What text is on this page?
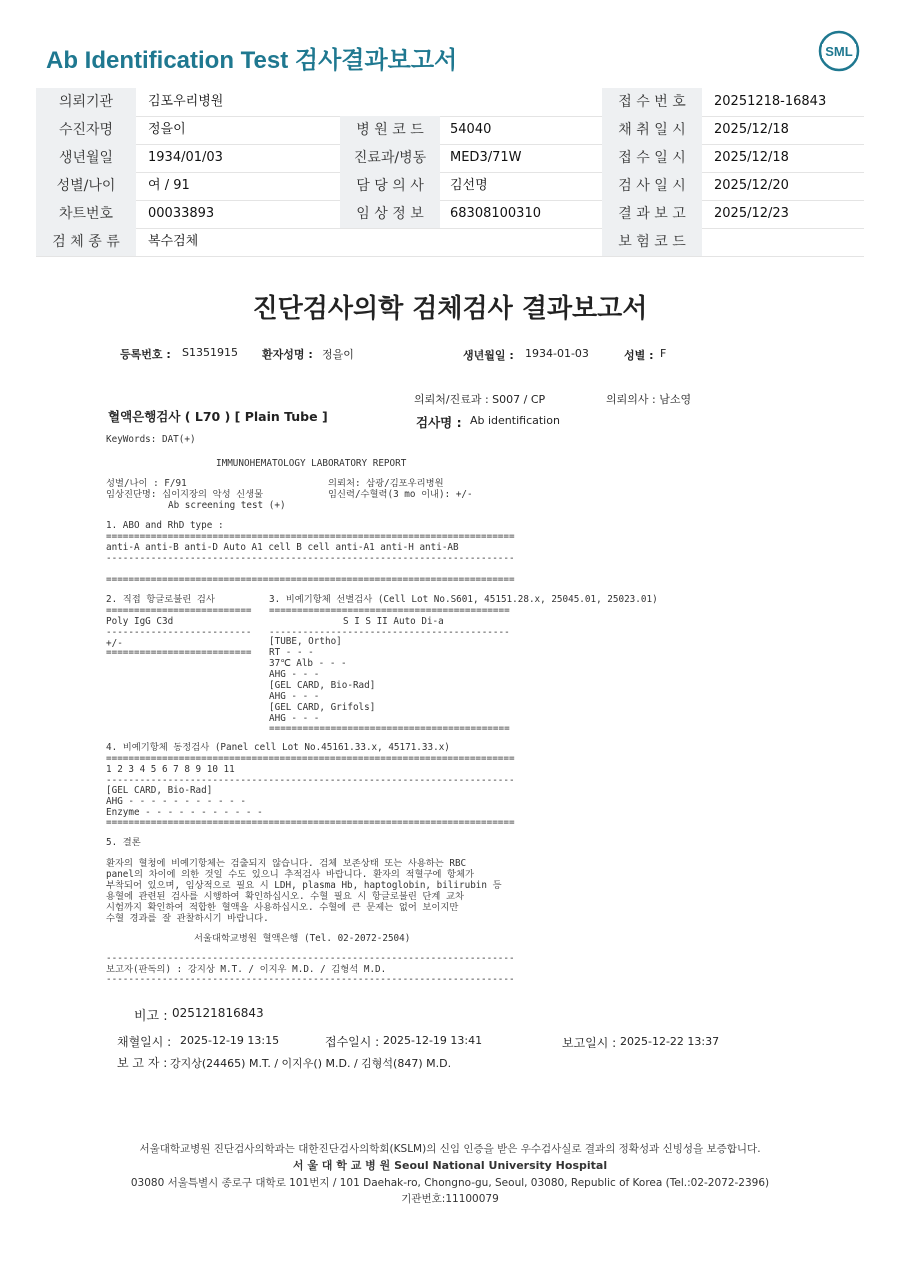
Ab Identification Test 검사결과보고서	SML
의뢰기관	김포우리병원	접 수 번 호	20251218-16843
수진자명	정을이	병 원 코 드	54040	채 취 일 시	2025/12/18
생년월일	1934/01/03	진료과/병동	MED3/71W	접 수 일 시	2025/12/18
성별/나이	여 / 91	담 당 의 사	김선명	검 사 일 시	2025/12/20
차트번호	00033893	임 상 정 보	68308100310	결 과 보 고	2025/12/23
검 체 종 류	복수검체	보 험 코 드
진단검사의학 검체검사 결과보고서
등록번호 : S1351915 환자성명 : 정을이	생년월일 : 1934-01-03	성별 : F
의뢰처/진료과 : S007 / CP	의뢰의사 : 남소영
혈액은행검사 ( L70 ) [ Plain Tube ]	검사명 : Ab identification
KeyWords: DAT(+)
IMMUNOHEMATOLOGY LABORATORY REPORT
성별/나이 : F/91
임상진단명: 십이지장의 악성 신생물
Ab screening test (+)
의뢰처: 삼광/김포우리병원
임신력/수혈력(3 mo 이내): +/-
1. ABO and RhD type :
=========================================================================
anti-A anti-B anti-D Auto A1 cell B cell anti-A1 anti-H anti-AB
-------------------------------------------------------------------------
=========================================================================
2. 직접 항글로불린 검사
==========================
Poly IgG C3d
--------------------------
+/-
==========================
3. 비예기항체 선별검사 (Cell Lot No.S601, 45151.28.x, 25045.01, 25023.01)
===========================================
S I S II Auto Di-a
-------------------------------------------
[TUBE, Ortho]
RT - - -
37℃ Alb - - -
AHG - - -
[GEL CARD, Bio-Rad]
AHG - - -
[GEL CARD, Grifols]
AHG - - -
===========================================
4. 비예기항체 동정검사 (Panel cell Lot No.45161.33.x, 45171.33.x)
=========================================================================
1 2 3 4 5 6 7 8 9 10 11
-------------------------------------------------------------------------
[GEL CARD, Bio-Rad]
AHG - - - - - - - - - - -
Enzyme - - - - - - - - - - -
=========================================================================
5. 결론
환자의 혈청에 비예기항체는 검출되지 않습니다. 검체 보존상태 또는 사용하는 RBC
panel의 차이에 의한 것일 수도 있으니 추적검사 바랍니다. 환자의 적혈구에 항체가
부착되어 있으며, 임상적으로 필요 시 LDH, plasma Hb, haptoglobin, bilirubin 등
용혈에 관련된 검사를 시행하여 확인하십시오. 수혈 필요 시 항글로불린 단계 교차
시험까지 확인하여 적합한 혈액을 사용하십시오. 수혈에 큰 문제는 없어 보이지만
수혈 경과를 잘 관찰하시기 바랍니다.
서울대학교병원 혈액은행 (Tel. 02-2072-2504)
-------------------------------------------------------------------------
보고자(판독의) : 강지상 M.T. / 이지우 M.D. / 김형석 M.D.
-------------------------------------------------------------------------
비고 : 025121816843
채혈일시 : 2025-12-19 13:15	접수일시 : 2025-12-19 13:41	보고일시 : 2025-12-22 13:37
보 고 자 : 강지상(24465) M.T. / 이지우() M.D. / 김형석(847) M.D.
서울대학교병원 진단검사의학과는 대한진단검사의학회(KSLM)의 신임 인증을 받은 우수검사실로 결과의 정확성과 신빙성을 보증합니다.
서 울 대 학 교 병 원 Seoul National University Hospital
03080 서울특별시 종로구 대학로 101번지 / 101 Daehak-ro, Chongno-gu, Seoul, 03080, Republic of Korea (Tel.:02-2072-2396)
기관번호:11100079
